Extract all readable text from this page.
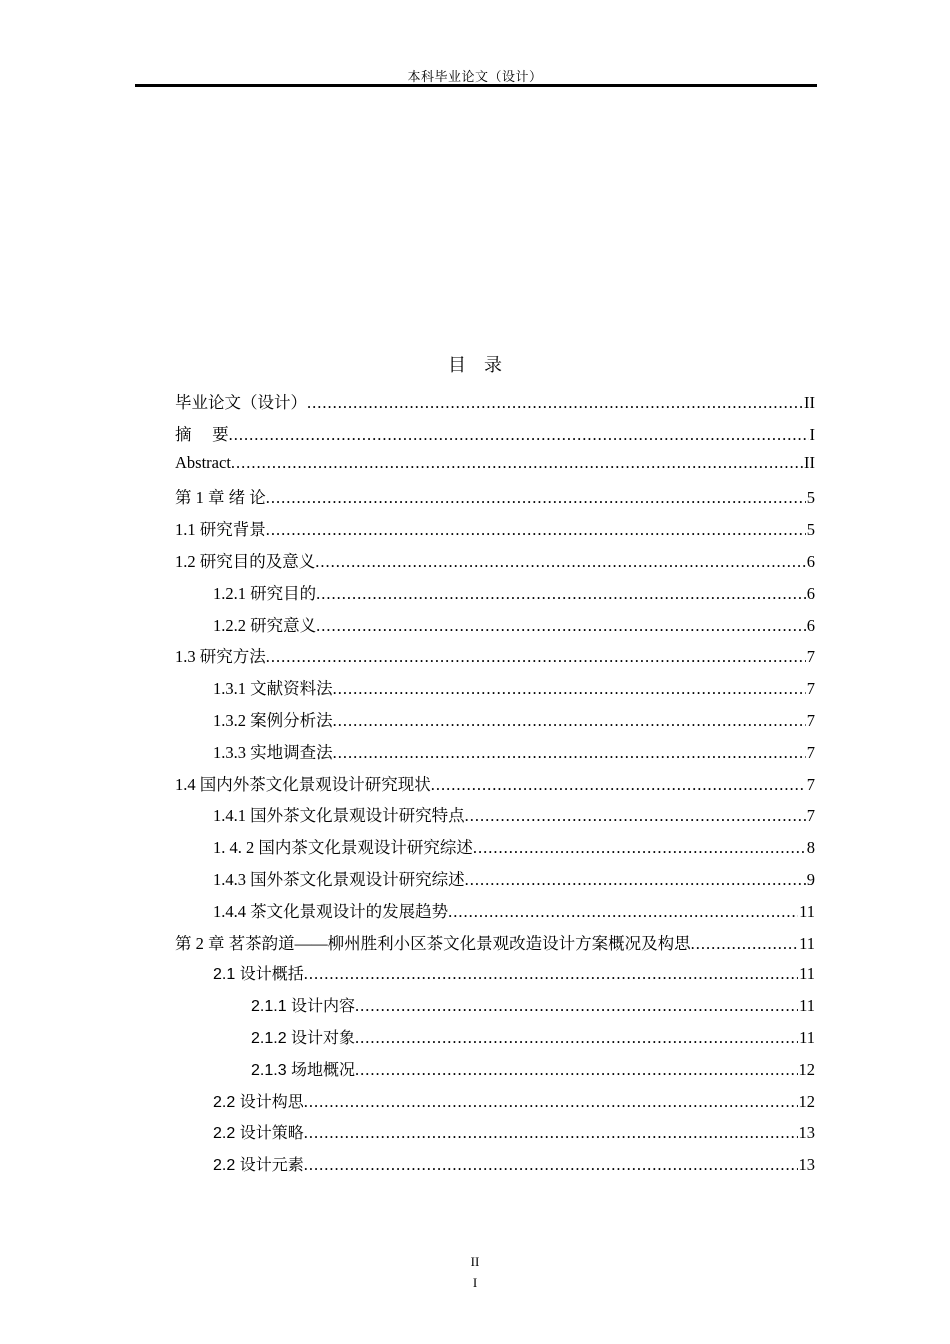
本科毕业论文（设计）
目　录
毕业论文（设计） .....	II
摘　 要 .....	I
Abstract .....	II
第 1 章 绪 论 .....	5
1.1 研究背景 .....	5
1.2 研究目的及意义 .....	6
1.2.1 研究目的 .....	6
1.2.2 研究意义 .....	6
1.3 研究方法 .....	7
1.3.1 文献资料法 .....	7
1.3.2 案例分析法 .....	7
1.3.3 实地调查法 .....	7
1.4 国内外茶文化景观设计研究现状 .....	7
1.4.1 国外茶文化景观设计研究特点 .....	7
1. 4. 2 国内茶文化景观设计研究综述 .....	8
1.4.3 国外茶文化景观设计研究综述 .....	9
1.4.4 茶文化景观设计的发展趋势 .....	11
第 2 章 茗茶韵道——柳州胜利小区茶文化景观改造设计方案概况及构思 .....	11
2.1 设计概括 .....	11
2.1.1 设计内容 .....	11
2.1.2 设计对象 .....	11
2.1.3 场地概况 .....	12
2.2 设计构思 .....	12
2.2 设计策略 .....	13
2.2 设计元素 .....	13
II
I
